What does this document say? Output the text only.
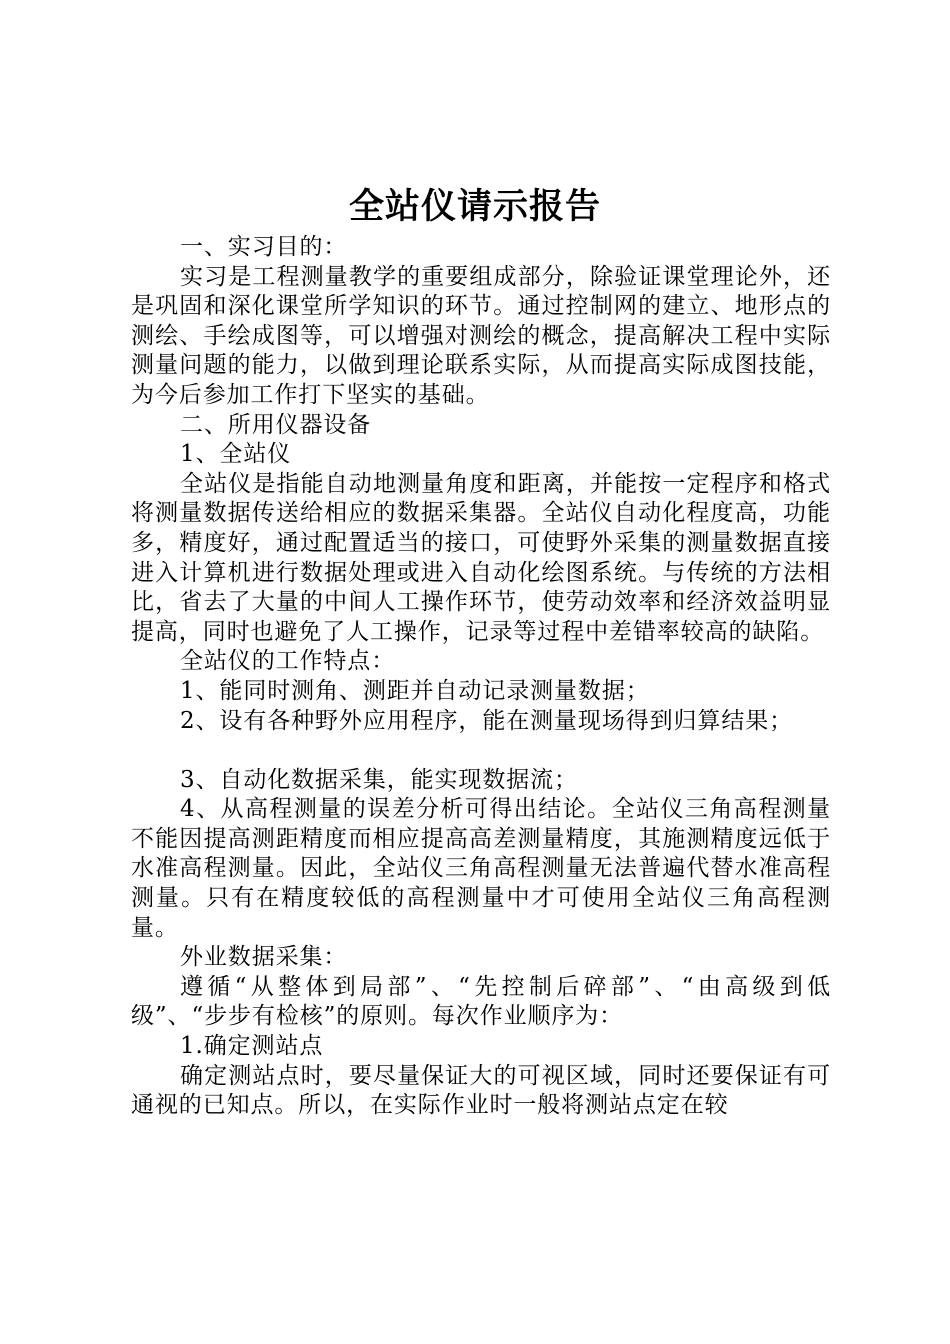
全站仪请示报告

一、实习目的：

实习是工程测量教学的重要组成部分，除验证课堂理论外，还是巩固和深化课堂所学知识的环节。通过控制网的建立、地形点的测绘、手绘成图等，可以增强对测绘的概念，提高解决工程中实际测量问题的能力，以做到理论联系实际，从而提高实际成图技能，为今后参加工作打下坚实的基础。

二、所用仪器设备

1、全站仪

全站仪是指能自动地测量角度和距离，并能按一定程序和格式将测量数据传送给相应的数据采集器。全站仪自动化程度高，功能多，精度好，通过配置适当的接口，可使野外采集的测量数据直接进入计算机进行数据处理或进入自动化绘图系统。与传统的方法相比，省去了大量的中间人工操作环节，使劳动效率和经济效益明显提高，同时也避免了人工操作，记录等过程中差错率较高的缺陷。

全站仪的工作特点：

1、能同时测角、测距并自动记录测量数据；

2、设有各种野外应用程序，能在测量现场得到归算结果；

3、自动化数据采集，能实现数据流；

4、从高程测量的误差分析可得出结论。全站仪三角高程测量不能因提高测距精度而相应提高高差测量精度，其施测精度远低于水准高程测量。因此，全站仪三角高程测量无法普遍代替水准高程测量。只有在精度较低的高程测量中才可使用全站仪三角高程测量。

外业数据采集：

遵循“从整体到局部”、“先控制后碎部”、“由高级到低级”、“步步有检核”的原则。每次作业顺序为：

1.确定测站点

确定测站点时，要尽量保证大的可视区域，同时还要保证有可通视的已知点。所以，在实际作业时一般将测站点定在较
